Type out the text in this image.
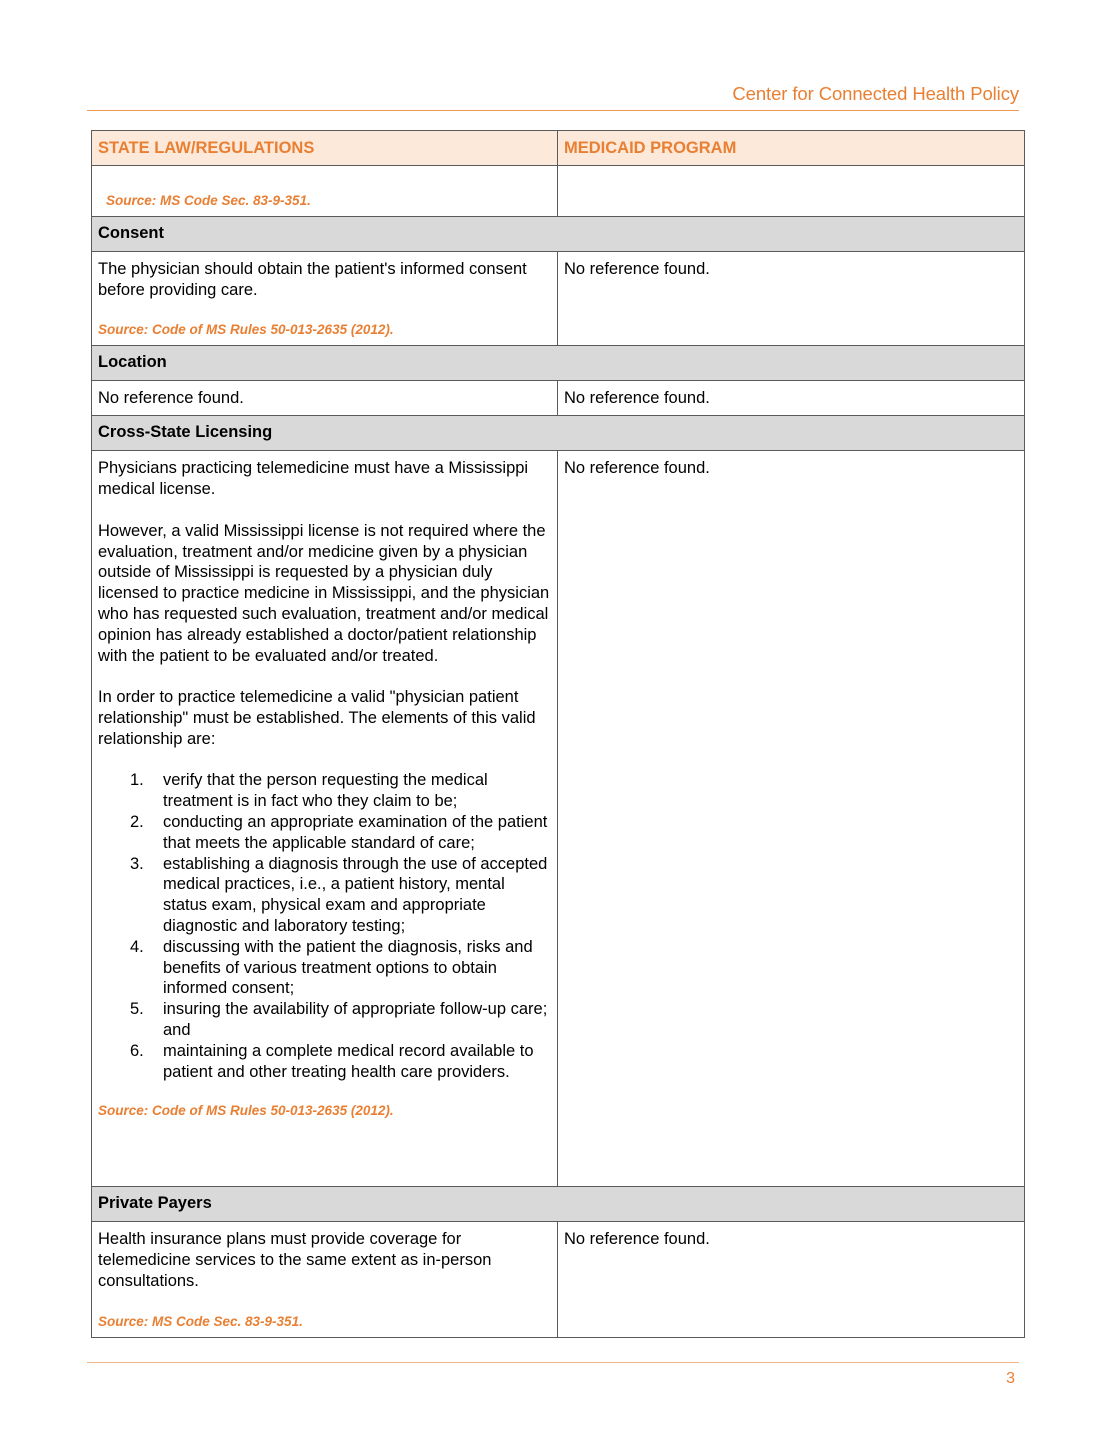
Center for Connected Health Policy
STATE LAW/REGULATIONS	MEDICAID PROGRAM

Source: MS Code Sec. 83-9-351.	

Consent	

The physician should obtain the patient's informed consent before providing care.
Source: Code of MS Rules 50-013-2635 (2012).	No reference found.
Location	

No reference found.	No reference found.
Cross-State Licensing	

Physicians practicing telemedicine must have a Mississippi medical license.
However, a valid Mississippi license is not required where the evaluation, treatment and/or medicine given by a physician outside of Mississippi is requested by a physician duly licensed to practice medicine in Mississippi, and the physician who has requested such evaluation, treatment and/or medical opinion has already established a doctor/patient relationship with the patient to be evaluated and/or treated.
In order to practice telemedicine a valid "physician patient relationship" must be established. The elements of this valid relationship are:
1. verify that the person requesting the medical treatment is in fact who they claim to be;
2. conducting an appropriate examination of the patient that meets the applicable standard of care;
3. establishing a diagnosis through the use of accepted medical practices, i.e., a patient history, mental status exam, physical exam and appropriate diagnostic and laboratory testing;
4. discussing with the patient the diagnosis, risks and benefits of various treatment options to obtain informed consent;
5. insuring the availability of appropriate follow-up care; and
6. maintaining a complete medical record available to patient and other treating health care providers.
Source: Code of MS Rules 50-013-2635 (2012).
	No reference found.
Private Payers	

Health insurance plans must provide coverage for telemedicine services to the same extent as in-person consultations.
Source: MS Code Sec. 83-9-351.	No reference found.
3
